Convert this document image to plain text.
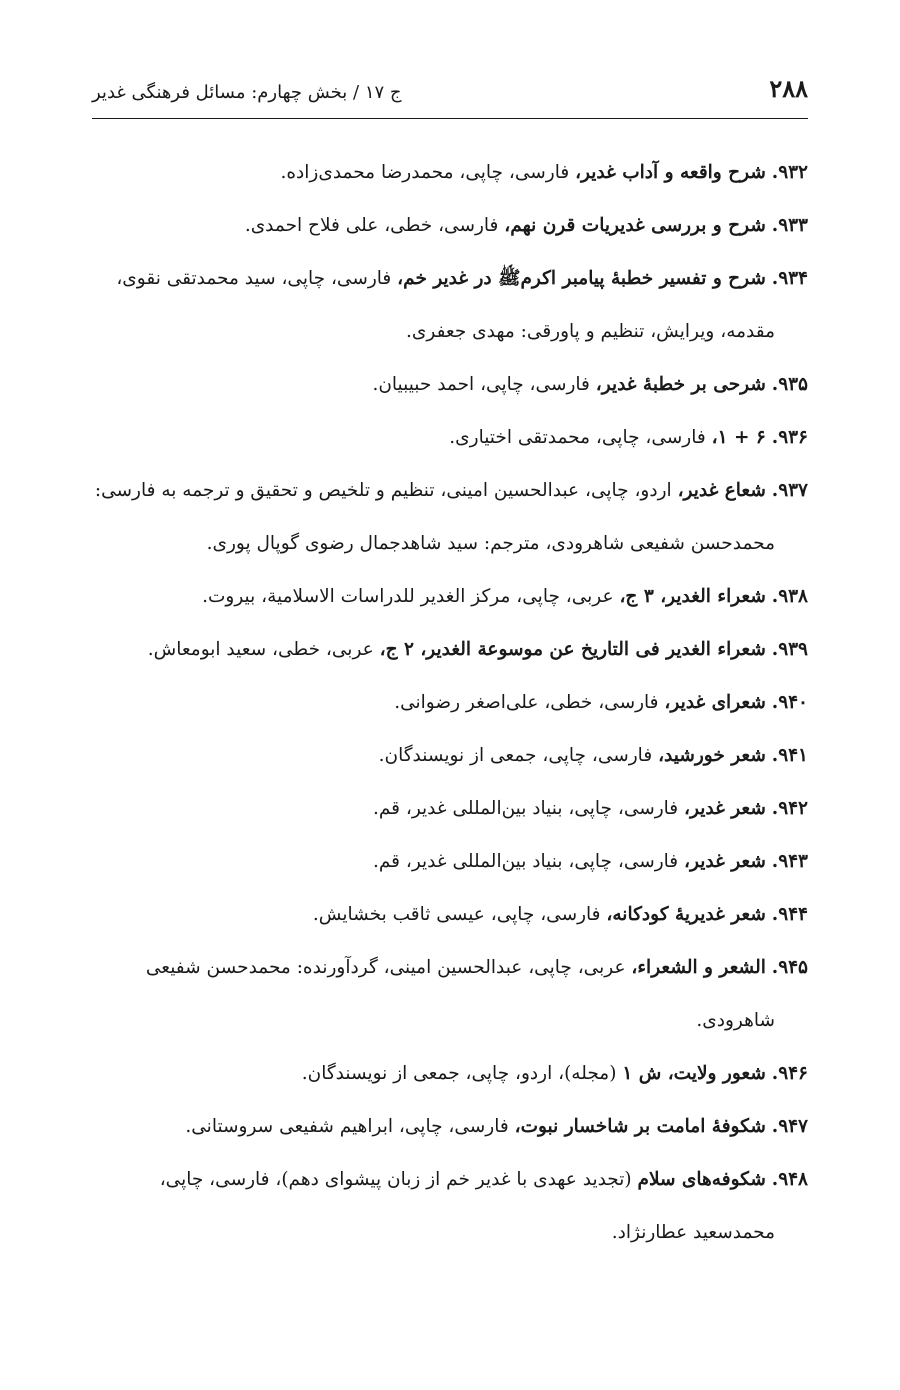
۲۸۸
ج ۱۷ / بخش چهارم: مسائل فرهنگی غدیر
۹۳۲. شرح واقعه و آداب غدیر، فارسی، چاپی، محمدرضا محمدی‌زاده.
۹۳۳. شرح و بررسی غدیریات قرن نهم، فارسی، خطی، علی فلاح احمدی.
۹۳۴. شرح و تفسیر خطبهٔ پیامبر اکرمﷺ در غدیر خم، فارسی، چاپی، سید محمدتقی نقوی، مقدمه، ویرایش، تنظیم و پاورقی: مهدی جعفری.
۹۳۵. شرحی بر خطبهٔ غدیر، فارسی، چاپی، احمد حبیبیان.
۹۳۶. ۶ + ۱، فارسی، چاپی، محمدتقی اختیاری.
۹۳۷. شعاع غدیر، اردو، چاپی، عبدالحسین امینی، تنظیم و تلخیص و تحقیق و ترجمه به فارسی: محمدحسن شفیعی شاهرودی، مترجم: سید شاهدجمال رضوی گوپال پوری.
۹۳۸. شعراء الغدیر، ۳ ج، عربی، چاپی، مرکز الغدیر للدراسات الاسلامیة، بیروت.
۹۳۹. شعراء الغدیر فی التاریخ عن موسوعة الغدیر، ۲ ج، عربی، خطی، سعید ابومعاش.
۹۴۰. شعرای غدیر، فارسی، خطی، علی‌اصغر رضوانی.
۹۴۱. شعر خورشید، فارسی، چاپی، جمعی از نویسندگان.
۹۴۲. شعر غدیر، فارسی، چاپی، بنیاد بین‌المللی غدیر، قم.
۹۴۳. شعر غدیر، فارسی، چاپی، بنیاد بین‌المللی غدیر، قم.
۹۴۴. شعر غدیریهٔ کودکانه، فارسی، چاپی، عیسی ثاقب بخشایش.
۹۴۵. الشعر و الشعراء، عربی، چاپی، عبدالحسین امینی، گردآورنده: محمدحسن شفیعی شاهرودی.
۹۴۶. شعور ولایت، ش ۱ (مجله)، اردو، چاپی، جمعی از نویسندگان.
۹۴۷. شکوفهٔ امامت بر شاخسار نبوت، فارسی، چاپی، ابراهیم شفیعی سروستانی.
۹۴۸. شکوفه‌های سلام (تجدید عهدی با غدیر خم از زبان پیشوای دهم)، فارسی، چاپی، محمدسعید عطارنژاد.
